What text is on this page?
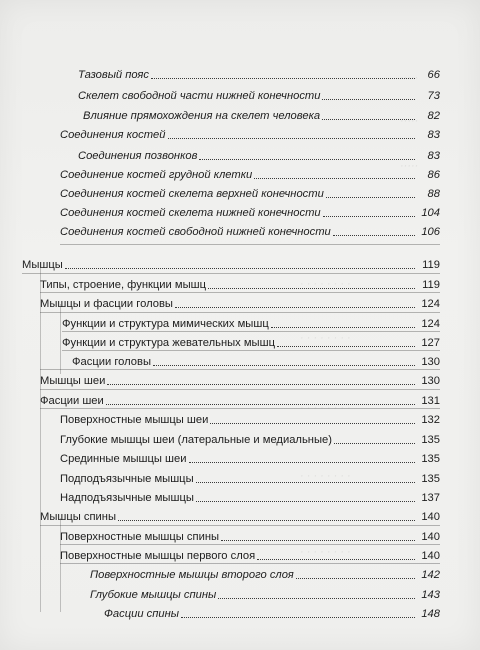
·····
·····
·····
· · · · · · · ·
· · · · · · · ·
· · · · · · · ·
· · · · · · · ·
· · · · · · · ·
Тазовый пояс	66
Скелет свободной части нижней конечности	73
Влияние прямохождения на скелет человека	82
Соединения костей	83
Соединения позвонков	83
Соединение костей грудной клетки	86
Соединения костей скелета верхней конечности	88
Соединения костей скелета нижней конечности	104
Соединения костей свободной нижней конечности	106
Мышцы	119
Типы, строение, функции мышц	119
Мышцы и фасции головы	124
Функции и структура мимических мышц	124
Функции и структура жевательных мышц	127
Фасции головы	130
Мышцы шеи	130
Фасции шеи	131
Поверхностные мышцы шеи	132
Глубокие мышцы шеи (латеральные и медиальные)	135
Срединные мышцы шеи	135
Подподъязычные мышцы	135
Надподъязычные мышцы	137
Мышцы спины	140
Поверхностные мышцы спины	140
Поверхностные мышцы первого слоя	140
Поверхностные мышцы второго слоя	142
Глубокие мышцы спины	143
Фасции спины	148
